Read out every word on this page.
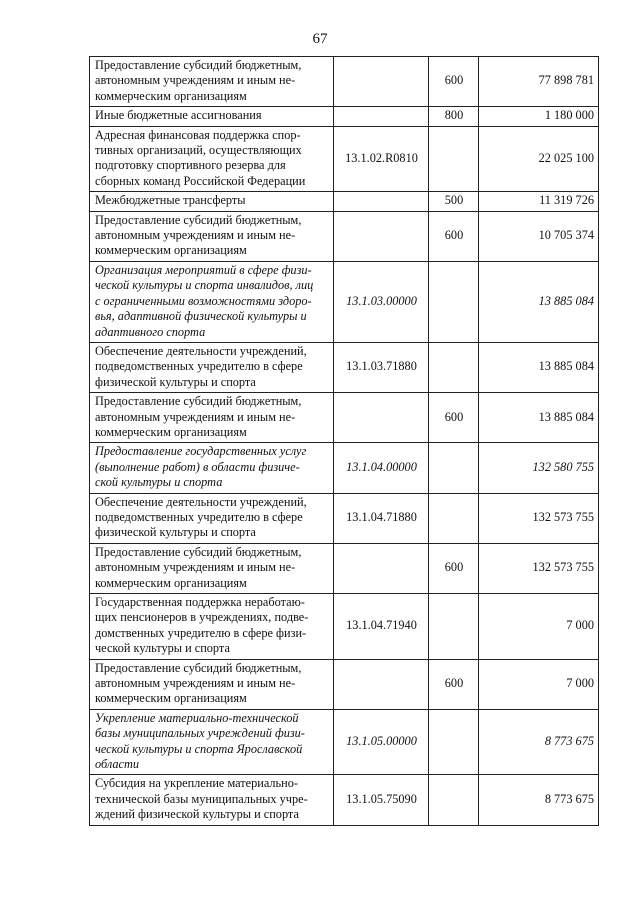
67
Предоставление субсидий бюджетным,
автономным учреждениям и иным не-
коммерческим организациям		600	77 898 781
Иные бюджетные ассигнования		800	1 180 000
Адресная финансовая поддержка спор-
тивных организаций, осуществляющих
подготовку спортивного резерва для
сборных команд Российской Федерации	13.1.02.R0810		22 025 100
Межбюджетные трансферты		500	11 319 726
Предоставление субсидий бюджетным,
автономным учреждениям и иным не-
коммерческим организациям		600	10 705 374
Организация мероприятий в сфере физи-
ческой культуры и спорта инвалидов, лиц
с ограниченными возможностями здоро-
вья, адаптивной физической культуры и
адаптивного спорта	13.1.03.00000		13 885 084
Обеспечение деятельности учреждений,
подведомственных учредителю в сфере
физической культуры и спорта	13.1.03.71880		13 885 084
Предоставление субсидий бюджетным,
автономным учреждениям и иным не-
коммерческим организациям		600	13 885 084
Предоставление государственных услуг
(выполнение работ) в области физиче-
ской культуры и спорта	13.1.04.00000		132 580 755
Обеспечение деятельности учреждений,
подведомственных учредителю в сфере
физической культуры и спорта	13.1.04.71880		132 573 755
Предоставление субсидий бюджетным,
автономным учреждениям и иным не-
коммерческим организациям		600	132 573 755
Государственная поддержка неработаю-
щих пенсионеров в учреждениях, подве-
домственных учредителю в сфере физи-
ческой культуры и спорта	13.1.04.71940		7 000
Предоставление субсидий бюджетным,
автономным учреждениям и иным не-
коммерческим организациям		600	7 000
Укрепление материально-технической
базы муниципальных учреждений физи-
ческой культуры и спорта Ярославской
области	13.1.05.00000		8 773 675
Субсидия на укрепление материально-
технической базы муниципальных учре-
ждений физической культуры и спорта	13.1.05.75090		8 773 675
